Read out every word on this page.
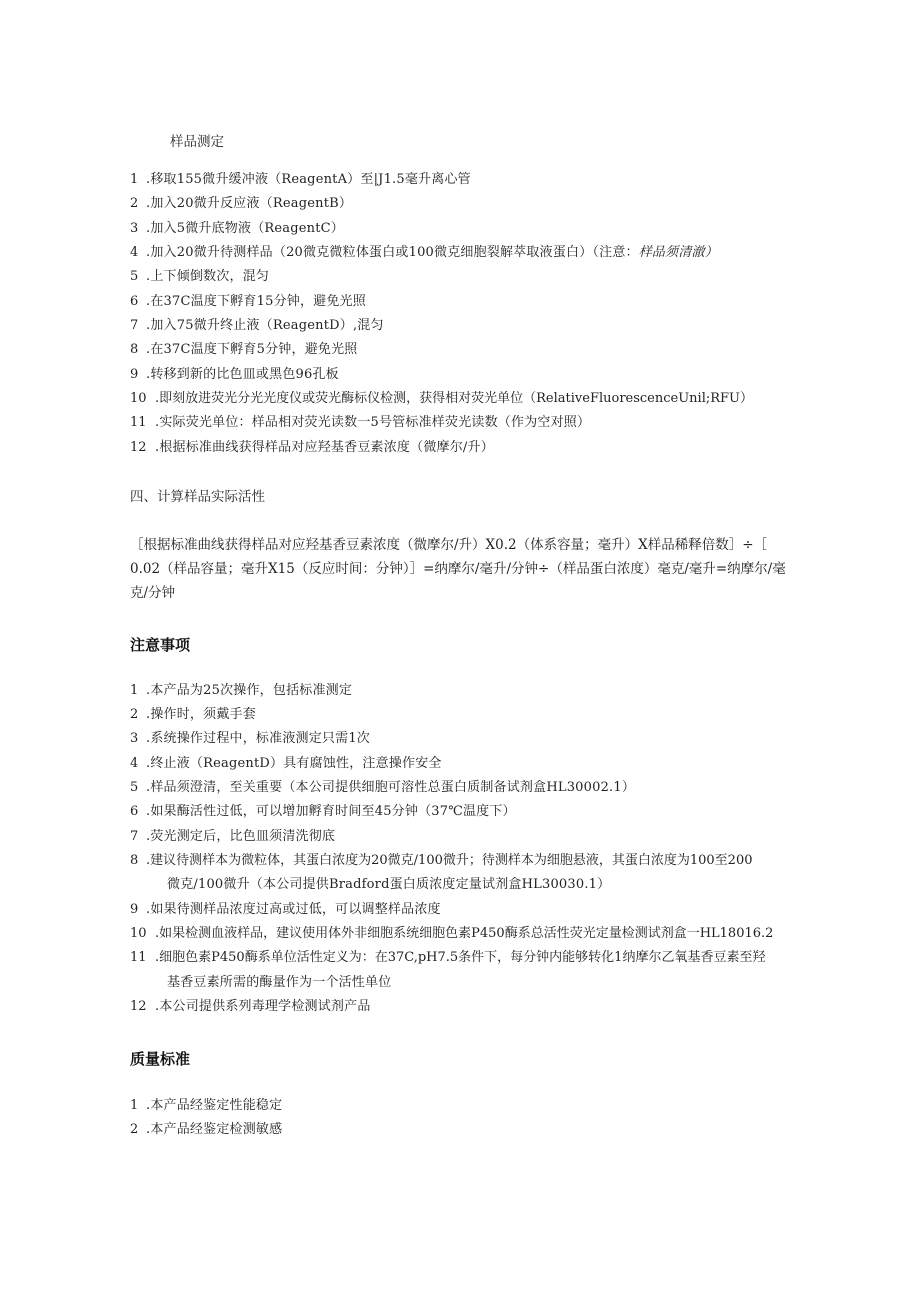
样品测定
1 .移取155微升缓冲液（ReagentA）至|J1.5毫升离心管
2 .加入20微升反应液（ReagentB）
3 .加入5微升底物液（ReagentC）
4 .加入20微升待测样品（20微克微粒体蛋白或100微克细胞裂解萃取液蛋白）（注意：样品须清澈）
5 .上下倾倒数次，混匀
6 .在37C温度下孵育15分钟，避免光照
7 .加入75微升终止液（ReagentD）,混匀
8 .在37C温度下孵育5分钟，避免光照
9 .转移到新的比色皿或黑色96孔板
10 .即刻放进荧光分光光度仪或荧光酶标仪检测，获得相对荧光单位（RelativeFluorescenceUnil;RFU）
11 .实际荧光单位：样品相对荧光读数一5号管标准样荧光读数（作为空对照）
12 .根据标准曲线获得样品对应羟基香豆素浓度（微摩尔/升）
四、计算样品实际活性
［根据标准曲线获得样品对应羟基香豆素浓度（微摩尔/升）X0.2（体系容量；毫升）X样品稀释倍数］÷［
0.02（样品容量；毫升X15（反应时间：分钟）］=纳摩尔/毫升/分钟÷（样品蛋白浓度）毫克/毫升=纳摩尔/毫
克/分钟
注意事项
1 .本产品为25次操作，包括标准测定
2 .操作时，须戴手套
3 .系统操作过程中，标准液测定只需1次
4 .终止液（ReagentD）具有腐蚀性，注意操作安全
5 .样品须澄清，至关重要（本公司提供细胞可溶性总蛋白质制备试剂盒HL30002.1）
6 .如果酶活性过低，可以增加孵育时间至45分钟（37℃温度下）
7 .荧光测定后，比色皿须清洗彻底
8 .建议待测样本为微粒体，其蛋白浓度为20微克/100微升；待测样本为细胞悬液，其蛋白浓度为100至200
微克/100微升（本公司提供Bradford蛋白质浓度定量试剂盒HL30030.1）
9 .如果待测样品浓度过高或过低，可以调整样品浓度
10 .如果检测血液样品，建议使用体外非细胞系统细胞色素P450酶系总活性荧光定量检测试剂盒一HL18016.2
11 .细胞色素P450酶系单位活性定义为：在37C,pH7.5条件下，每分钟内能够转化1纳摩尔乙氧基香豆素至羟
基香豆素所需的酶量作为一个活性单位
12 .本公司提供系列毒理学检测试剂产品
质量标准
1 .本产品经鉴定性能稳定
2 .本产品经鉴定检测敏感
